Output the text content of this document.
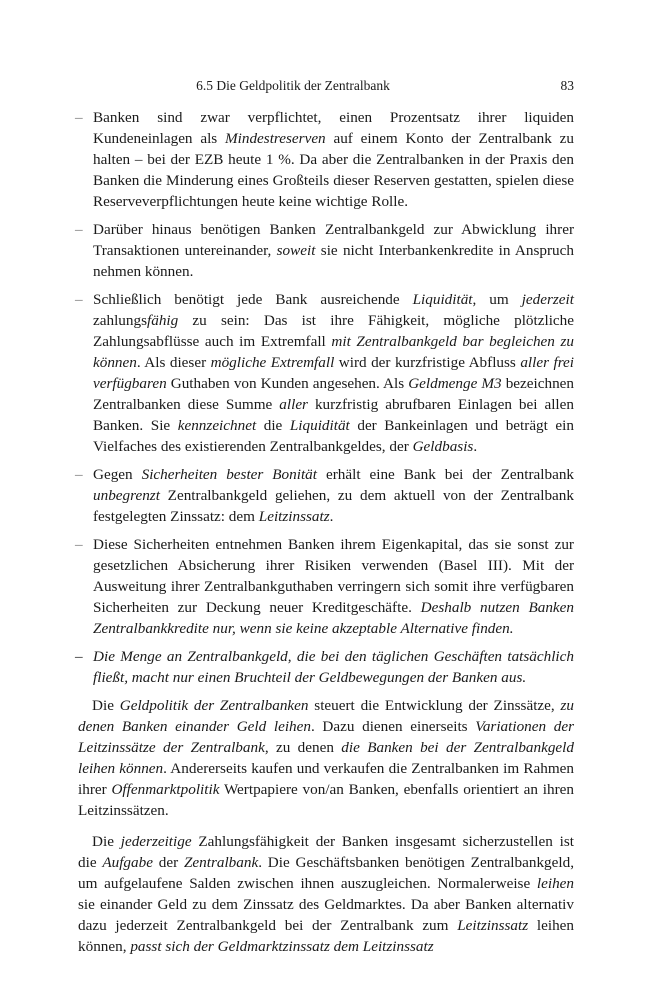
6.5 Die Geldpolitik der Zentralbank	83
– Banken sind zwar verpflichtet, einen Prozentsatz ihrer liquiden Kundeneinlagen als Mindestreserven auf einem Konto der Zentralbank zu halten – bei der EZB heute 1 %. Da aber die Zentralbanken in der Praxis den Banken die Minderung eines Großteils dieser Reserven gestatten, spielen diese Reserveverpflichtungen heute keine wichtige Rolle.
– Darüber hinaus benötigen Banken Zentralbankgeld zur Abwicklung ihrer Transaktionen untereinander, soweit sie nicht Interbankenkredite in Anspruch nehmen können.
– Schließlich benötigt jede Bank ausreichende Liquidität, um jederzeit zahlungsfähig zu sein: Das ist ihre Fähigkeit, mögliche plötzliche Zahlungsabflüsse auch im Extremfall mit Zentralbankgeld bar begleichen zu können. Als dieser mögliche Extremfall wird der kurzfristige Abfluss aller frei verfügbaren Guthaben von Kunden angesehen. Als Geldmenge M3 bezeichnen Zentralbanken diese Summe aller kurzfristig abrufbaren Einlagen bei allen Banken. Sie kennzeichnet die Liquidität der Bankeinlagen und beträgt ein Vielfaches des existierenden Zentralbankgeldes, der Geldbasis.
– Gegen Sicherheiten bester Bonität erhält eine Bank bei der Zentralbank unbegrenzt Zentralbankgeld geliehen, zu dem aktuell von der Zentralbank festgelegten Zinssatz: dem Leitzinssatz.
– Diese Sicherheiten entnehmen Banken ihrem Eigenkapital, das sie sonst zur gesetzlichen Absicherung ihrer Risiken verwenden (Basel III). Mit der Ausweitung ihrer Zentralbankguthaben verringern sich somit ihre verfügbaren Sicherheiten zur Deckung neuer Kreditgeschäfte. Deshalb nutzen Banken Zentralbankkredite nur, wenn sie keine akzeptable Alternative finden.
– Die Menge an Zentralbankgeld, die bei den täglichen Geschäften tatsächlich fließt, macht nur einen Bruchteil der Geldbewegungen der Banken aus.

Die Geldpolitik der Zentralbanken steuert die Entwicklung der Zinssätze, zu denen Banken einander Geld leihen. Dazu dienen einerseits Variationen der Leitzinssätze der Zentralbank, zu denen die Banken bei der Zentralbankgeld leihen können. Andererseits kaufen und verkaufen die Zentralbanken im Rahmen ihrer Offenmarktpolitik Wertpapiere von/an Banken, ebenfalls orientiert an ihren Leitzinssätzen.

Die jederzeitige Zahlungsfähigkeit der Banken insgesamt sicherzustellen ist die Aufgabe der Zentralbank. Die Geschäftsbanken benötigen Zentralbankgeld, um aufgelaufene Salden zwischen ihnen auszugleichen. Normalerweise leihen sie einander Geld zu dem Zinssatz des Geldmarktes. Da aber Banken alternativ dazu jederzeit Zentralbankgeld bei der Zentralbank zum Leitzinssatz leihen können, passt sich der Geldmarktzinssatz dem Leitzinssatz
